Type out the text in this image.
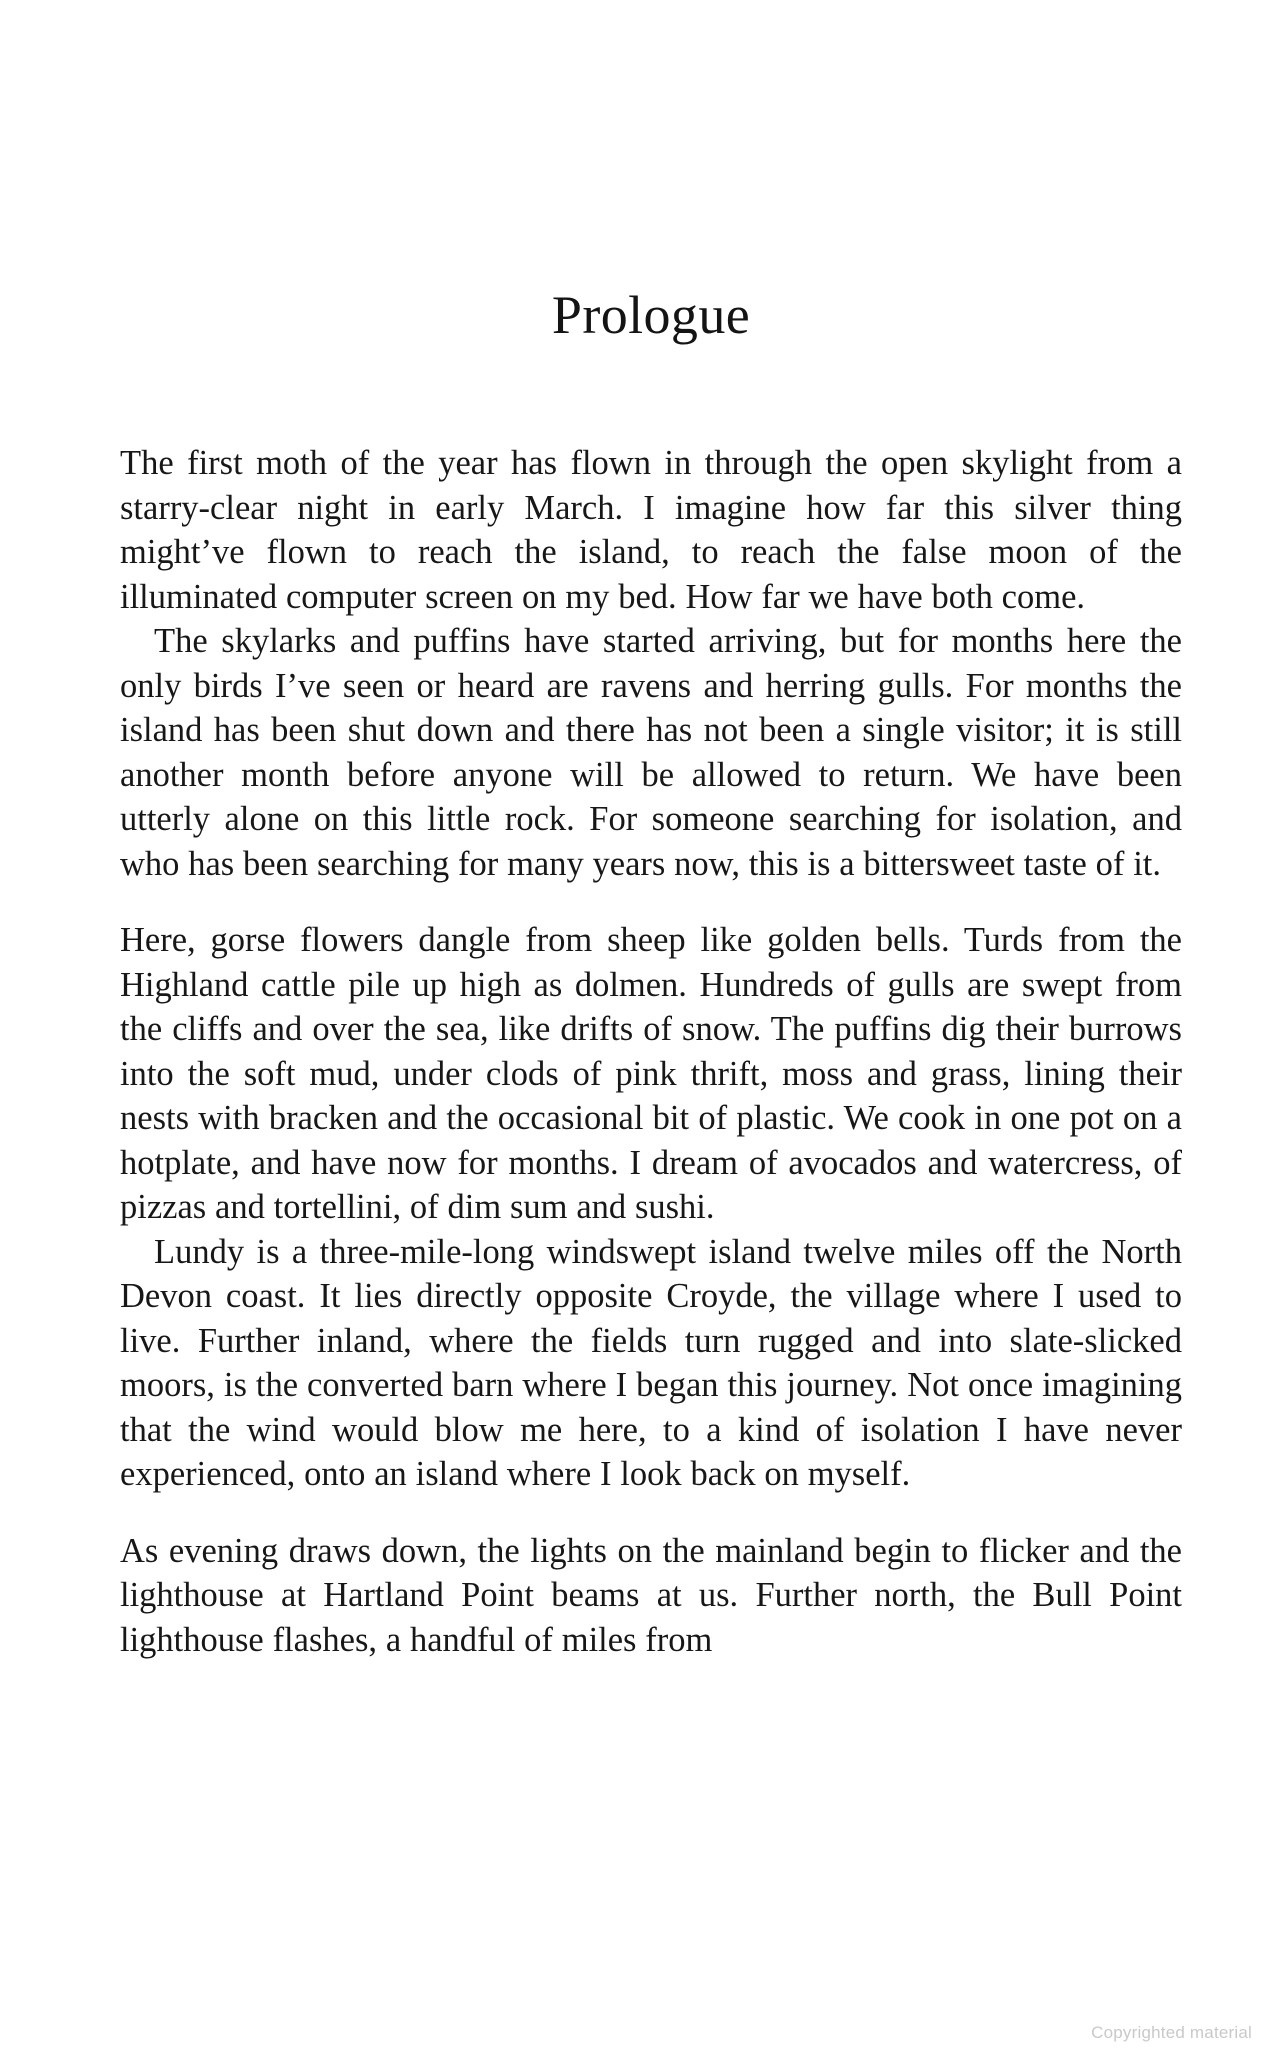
Prologue

The first moth of the year has flown in through the open skylight from a starry-clear night in early March. I imagine how far this silver thing might’ve flown to reach the island, to reach the false moon of the illuminated computer screen on my bed. How far we have both come.

The skylarks and puffins have started arriving, but for months here the only birds I’ve seen or heard are ravens and herring gulls. For months the island has been shut down and there has not been a single visitor; it is still another month before anyone will be allowed to return. We have been utterly alone on this little rock. For someone searching for isolation, and who has been searching for many years now, this is a bittersweet taste of it.

Here, gorse flowers dangle from sheep like golden bells. Turds from the Highland cattle pile up high as dolmen. Hundreds of gulls are swept from the cliffs and over the sea, like drifts of snow. The puffins dig their burrows into the soft mud, under clods of pink thrift, moss and grass, lining their nests with bracken and the occasional bit of plastic. We cook in one pot on a hotplate, and have now for months. I dream of avocados and watercress, of pizzas and tortellini, of dim sum and sushi.

Lundy is a three-mile-long windswept island twelve miles off the North Devon coast. It lies directly opposite Croyde, the village where I used to live. Further inland, where the fields turn rugged and into slate-slicked moors, is the converted barn where I began this journey. Not once imagining that the wind would blow me here, to a kind of isolation I have never experienced, onto an island where I look back on myself.

As evening draws down, the lights on the mainland begin to flicker and the lighthouse at Hartland Point beams at us. Further north, the Bull Point lighthouse flashes, a handful of miles from

Copyrighted material
